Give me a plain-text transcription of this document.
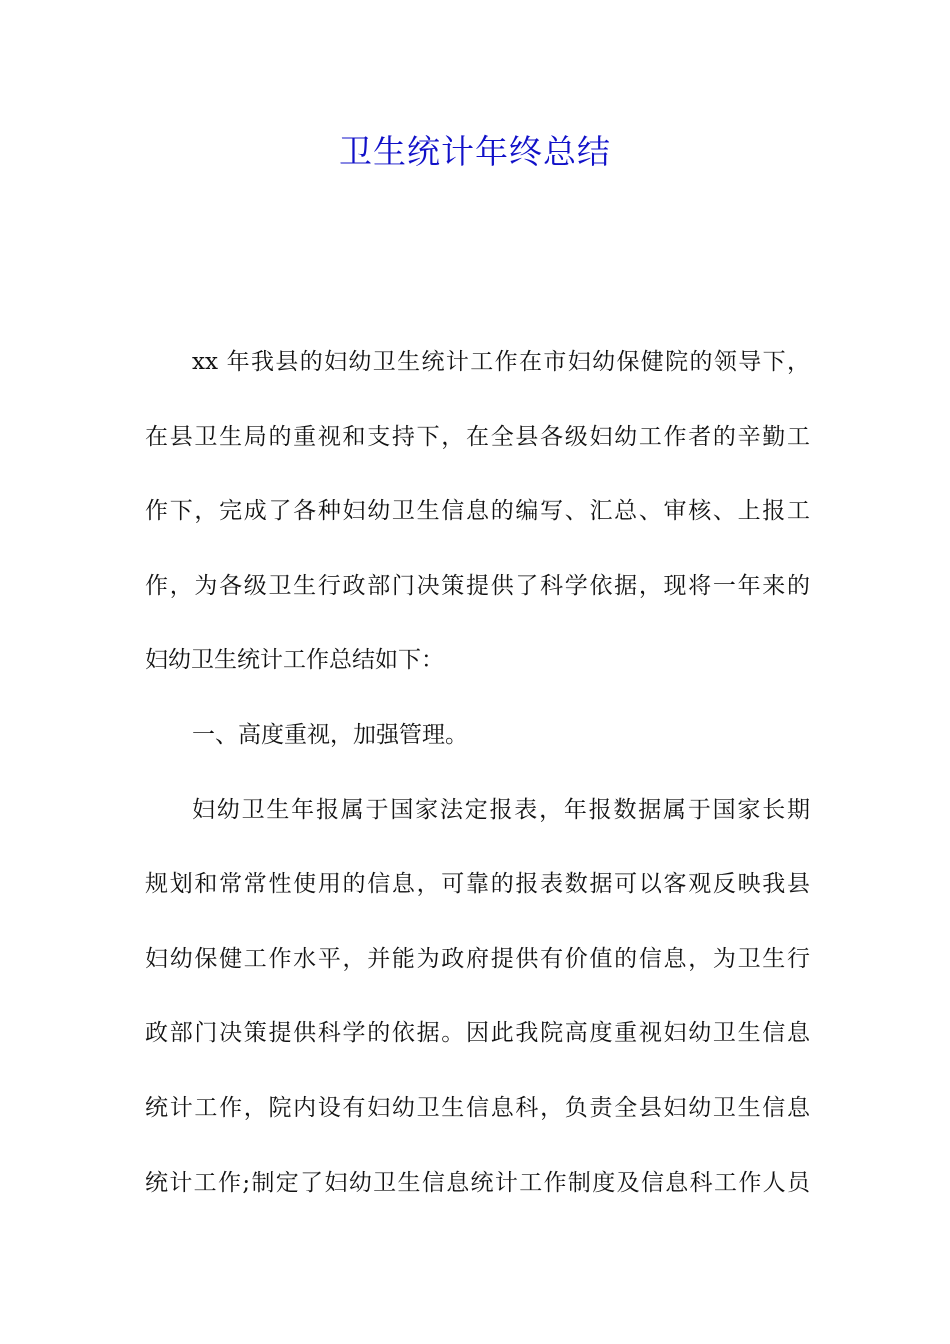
卫生统计年终总结
xx 年我县的妇幼卫生统计工作在市妇幼保健院的领导下，
在县卫生局的重视和支持下，在全县各级妇幼工作者的辛勤工
作下，完成了各种妇幼卫生信息的编写、汇总、审核、上报工
作，为各级卫生行政部门决策提供了科学依据，现将一年来的
妇幼卫生统计工作总结如下：
一、高度重视，加强管理。
妇幼卫生年报属于国家法定报表，年报数据属于国家长期
规划和常常性使用的信息，可靠的报表数据可以客观反映我县
妇幼保健工作水平，并能为政府提供有价值的信息，为卫生行
政部门决策提供科学的依据。因此我院高度重视妇幼卫生信息
统计工作，院内设有妇幼卫生信息科，负责全县妇幼卫生信息
统计工作;制定了妇幼卫生信息统计工作制度及信息科工作人员
